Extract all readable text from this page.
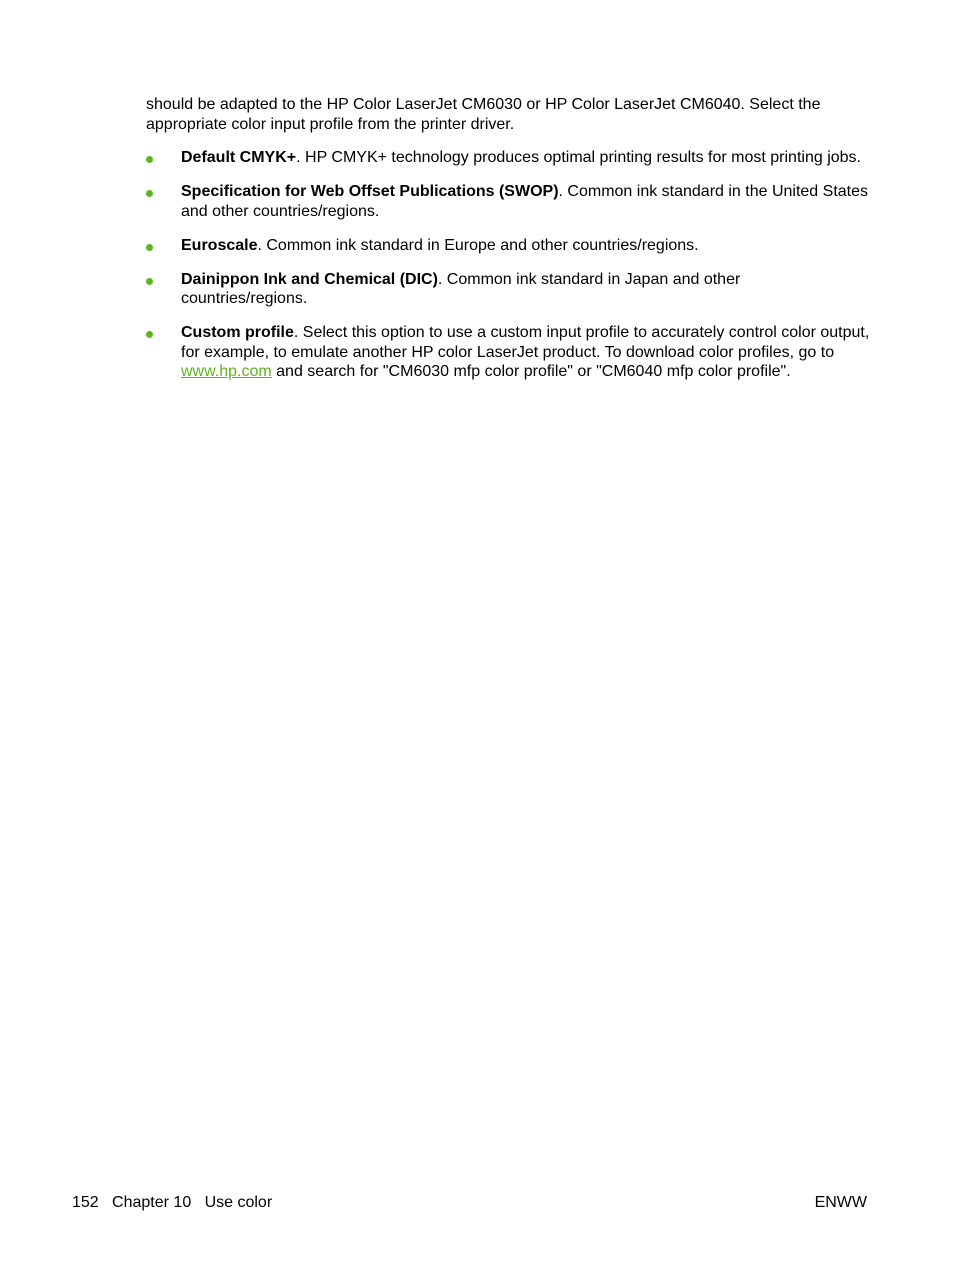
should be adapted to the HP Color LaserJet CM6030 or HP Color LaserJet CM6040. Select the appropriate color input profile from the printer driver.

Default CMYK+. HP CMYK+ technology produces optimal printing results for most printing jobs.
Specification for Web Offset Publications (SWOP). Common ink standard in the United States and other countries/regions.
Euroscale. Common ink standard in Europe and other countries/regions.
Dainippon Ink and Chemical (DIC). Common ink standard in Japan and other countries/regions.
Custom profile. Select this option to use a custom input profile to accurately control color output, for example, to emulate another HP color LaserJet product. To download color profiles, go to www.hp.com and search for "CM6030 mfp color profile" or "CM6040 mfp color profile".
152 Chapter 10 Use color	ENWW
